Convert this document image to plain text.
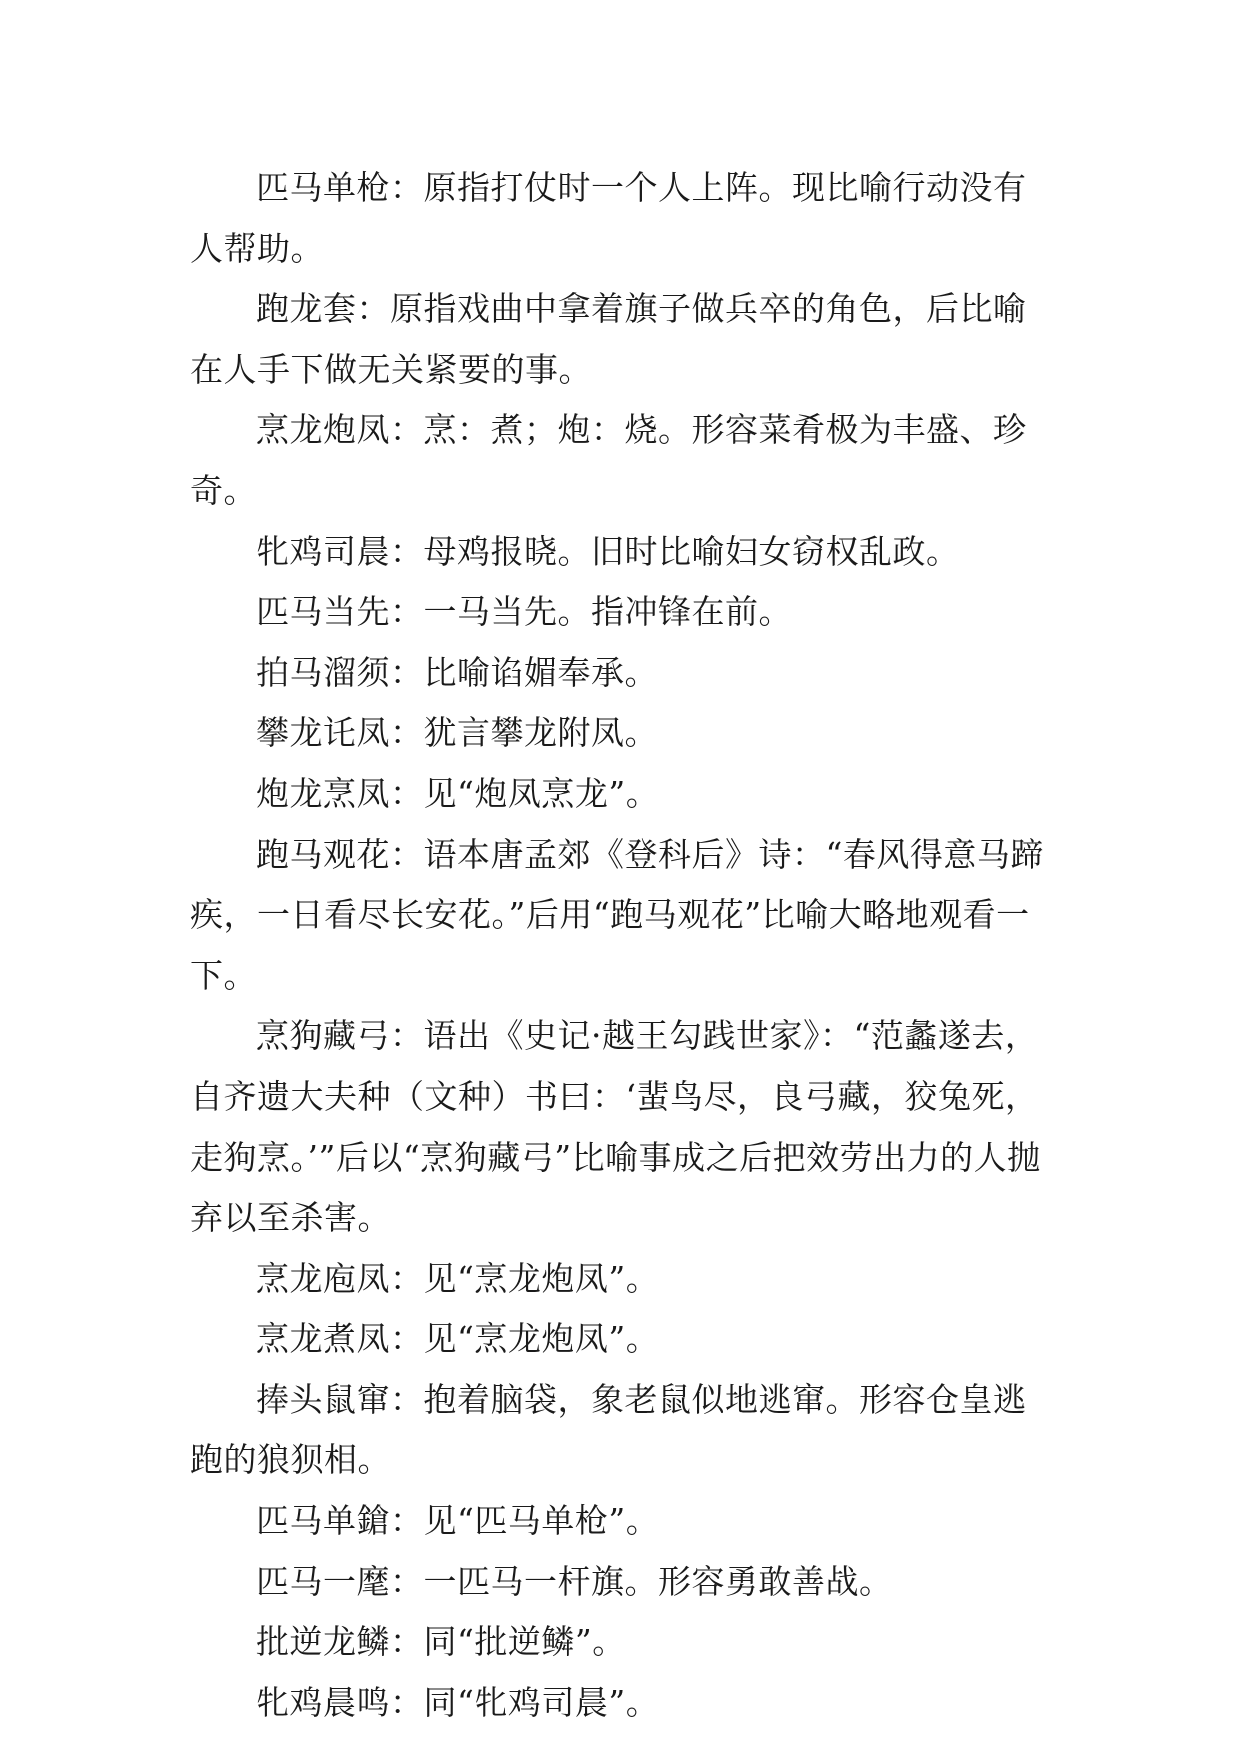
匹马单枪：原指打仗时一个人上阵。现比喻行动没有人帮助。

跑龙套：原指戏曲中拿着旗子做兵卒的角色，后比喻在人手下做无关紧要的事。

烹龙炮凤：烹：煮；炮：烧。形容菜肴极为丰盛、珍奇。

牝鸡司晨：母鸡报晓。旧时比喻妇女窃权乱政。

匹马当先：一马当先。指冲锋在前。

拍马溜须：比喻谄媚奉承。

攀龙讬凤：犹言攀龙附凤。

炮龙烹凤：见“炮凤烹龙”。

跑马观花：语本唐孟郊《登科后》诗：“春风得意马蹄疾，一日看尽长安花。”后用“跑马观花”比喻大略地观看一下。

烹狗藏弓：语出《史记·越王勾践世家》：“范蠡遂去，自齐遗大夫种（文种）书曰：‘蜚鸟尽，良弓藏，狡兔死，走狗烹。’”后以“烹狗藏弓”比喻事成之后把效劳出力的人抛弃以至杀害。

烹龙庖凤：见“烹龙炮凤”。

烹龙煮凤：见“烹龙炮凤”。

捧头鼠窜：抱着脑袋，象老鼠似地逃窜。形容仓皇逃跑的狼狈相。

匹马单鎗：见“匹马单枪”。

匹马一麾：一匹马一杆旗。形容勇敢善战。

批逆龙鳞：同“批逆鳞”。

牝鸡晨鸣：同“牝鸡司晨”。
